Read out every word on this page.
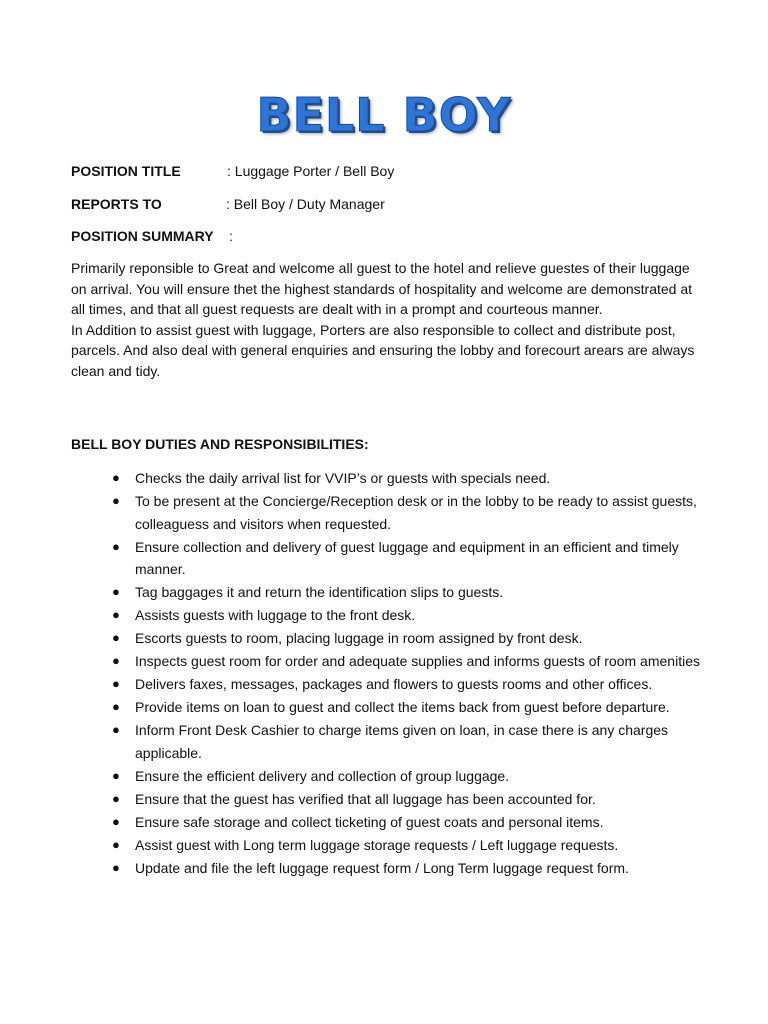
BELL BOY
POSITION TITLE	: Luggage Porter / Bell Boy
REPORTS TO	: Bell Boy / Duty Manager
POSITION SUMMARY :

Primarily reponsible to Great and welcome all guest to the hotel and relieve guestes of their luggage on arrival. You will ensure thet the highest standards of hospitality and welcome are demonstrated at all times, and that all guest requests are dealt with in a prompt and courteous manner.

In Addition to assist guest with luggage, Porters are also responsible to collect and distribute post, parcels. And also deal with general enquiries and ensuring the lobby and forecourt arears are always clean and tidy.

BELL BOY DUTIES AND RESPONSIBILITIES:
● Checks the daily arrival list for VVIP’s or guests with specials need.
● To be present at the Concierge/Reception desk or in the lobby to be ready to assist guests, colleaguess and visitors when requested.
● Ensure collection and delivery of guest luggage and equipment in an efficient and timely manner.
● Tag baggages it and return the identification slips to guests.
● Assists guests with luggage to the front desk.
● Escorts guests to room, placing luggage in room assigned by front desk.
● Inspects guest room for order and adequate supplies and informs guests of room amenities
● Delivers faxes, messages, packages and flowers to guests rooms and other offices.
● Provide items on loan to guest and collect the items back from guest before departure.
● Inform Front Desk Cashier to charge items given on loan, in case there is any charges applicable.
● Ensure the efficient delivery and collection of group luggage.
● Ensure that the guest has verified that all luggage has been accounted for.
● Ensure safe storage and collect ticketing of guest coats and personal items.
● Assist guest with Long term luggage storage requests / Left luggage requests.
● Update and file the left luggage request form / Long Term luggage request form.
